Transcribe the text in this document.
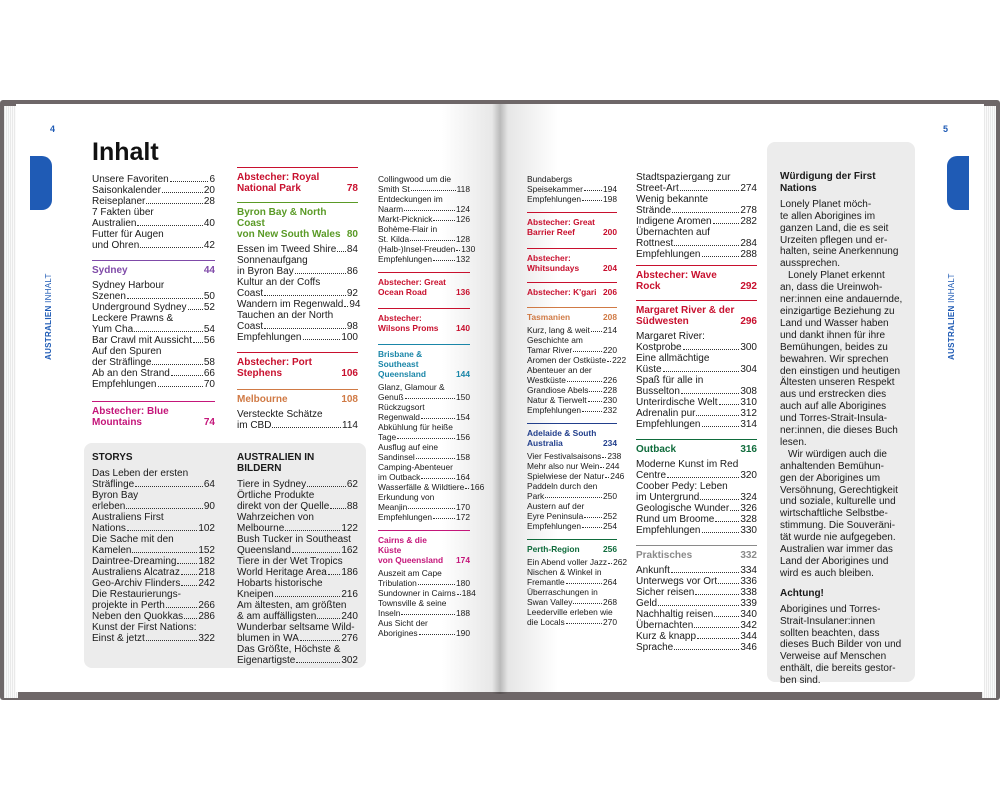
4	5
AUSTRALIEN INHALT
AUSTRALIEN INHALT
Inhalt
Unsere Favoriten	6
Saisonkalender	20
Reiseplaner	28
7 Fakten über
Australien	40
Futter für Augen
und Ohren	42
Sydney	44
Sydney Harbour
Szenen	50
Underground Sydney 52
Leckere Prawns &
Yum Cha	54
Bar Crawl mit Aussicht 56
Auf den Spuren
der Sträflinge	58
Ab an den Strand	66
Empfehlungen	70
Abstecher: Blue
Mountains	74
Abstecher: Royal
National Park	78
Byron Bay & North Coast
von New South Wales 80
Essen im Tweed Shire 84
Sonnenaufgang
in Byron Bay	86
Kultur an der Coffs
Coast	92
Wandern im Regenwald 94
Tauchen an der North
Coast	98
Empfehlungen	100
Abstecher: Port
Stephens	106
Melbourne	108
Versteckte Schätze
im CBD	114
Collingwood um die
Smith St	118
Entdeckungen im
Naarm	124
Markt-Picknick	126
Bohème-Flair in
St. Kilda	128
(Halb-)Insel-Freuden 130
Empfehlungen	132
Abstecher: Great
Ocean Road	136
Abstecher:
Wilsons Proms	140
Brisbane & Southeast
Queensland	144
Glanz, Glamour &
Genuß	150
Rückzugsort
Regenwald	154
Abkühlung für heiße
Tage	156
Ausflug auf eine
Sandinsel	158
Camping-Abenteuer
im Outback	164
Wasserfälle & Wildtiere 166
Erkundung von
Meanjin	170
Empfehlungen	172
Cairns & die Küste
von Queensland	174
Auszeit am Cape
Tribulation	180
Sundowner in Cairns 184
Townsville & seine
Inseln	188
Aus Sicht der
Aborigines	190
STORYS
Das Leben der ersten
Sträflinge	64
Byron Bay
erleben	90
Australiens First
Nations	102
Die Sache mit den
Kamelen	152
Daintree-Dreaming 182
Australiens Alcatraz 218
Geo-Archiv Flinders 242
Die Restaurierungs-
projekte in Perth	266
Neben den Quokkas 286
Kunst der First Nations:
Einst & jetzt	322
AUSTRALIEN IN
BILDERN
Tiere in Sydney	62
Örtliche Produkte
direkt von der Quelle 88
Wahrzeichen von
Melbourne	122
Bush Tucker in Southeast
Queensland	162
Tiere in der Wet Tropics
World Heritage Area 186
Hobarts historische
Kneipen	216
Am ältesten, am größten
& am auffälligsten	240
Wunderbar seltsame Wild-
blumen in WA	276
Das Größte, Höchste &
Eigenartigste	302
Bundabergs
Speisekammer 194
Empfehlungen	198
Abstecher: Great
Barrier Reef	200
Abstecher:
Whitsundays	204
Abstecher: K'gari 206
Tasmanien	208
Kurz, lang & weit 214
Geschichte am
Tamar River	220
Aromen der Ostküste 222
Abenteuer an der
Westküste	226
Grandiose Abels 228
Natur & Tierwelt 230
Empfehlungen	232
Adelaide & South
Australia	234
Vier Festivalsaisons 238
Mehr also nur Wein 244
Spielwiese der Natur 246
Paddeln durch den
Park	250
Austern auf der
Eyre Peninsula 252
Empfehlungen	254
Perth-Region	256
Ein Abend voller Jazz 262
Nischen & Winkel in
Fremantle	264
Überraschungen in
Swan Valley	268
Leederville erleben wie
die Locals	270
Stadtspaziergang zur
Street-Art	274
Wenig bekannte
Strände	278
Indigene Aromen	282
Übernachten auf
Rottnest	284
Empfehlungen	288
Abstecher: Wave
Rock	292
Margaret River & der
Südwesten	296
Margaret River:
Kostprobe	300
Eine allmächtige
Küste	304
Spaß für alle in
Busselton	308
Unterirdische Welt 310
Adrenalin pur	312
Empfehlungen	314
Outback	316
Moderne Kunst im Red
Centre	320
Coober Pedy: Leben
im Untergrund	324
Geologische Wunder 326
Rund um Broome	328
Empfehlungen	330
Praktisches	332
Ankunft	334
Unterwegs vor Ort 336
Sicher reisen	338
Geld	339
Nachhaltig reisen	340
Übernachten	342
Kurz & knapp	344
Sprache	346
Würdigung der First
Nations
Lonely Planet möch-
te allen Aborigines im
ganzen Land, die es seit
Urzeiten pflegen und er-
halten, seine Anerkennung
aussprechen.
Lonely Planet erkennt
an, dass die Ureinwoh-
ner:innen eine andauernde,
einzigartige Beziehung zu
Land und Wasser haben
und dankt ihnen für ihre
Bemühungen, beides zu
bewahren. Wir sprechen
den einstigen und heutigen
Ältesten unseren Respekt
aus und erstrecken dies
auch auf alle Aborigines
und Torres-Strait-Insula-
ner:innen, die dieses Buch
lesen.
Wir würdigen auch die
anhaltenden Bemühun-
gen der Aborigines um
Versöhnung, Gerechtigkeit
und soziale, kulturelle und
wirtschaftliche Selbstbe-
stimmung. Die Souveräni-
tät wurde nie aufgegeben.
Australien war immer das
Land der Aborigines und
wird es auch bleiben.
Achtung!
Aborigines und Torres-
Strait-Insulaner:innen
sollten beachten, dass
dieses Buch Bilder von und
Verweise auf Menschen
enthält, die bereits gestor-
ben sind.
